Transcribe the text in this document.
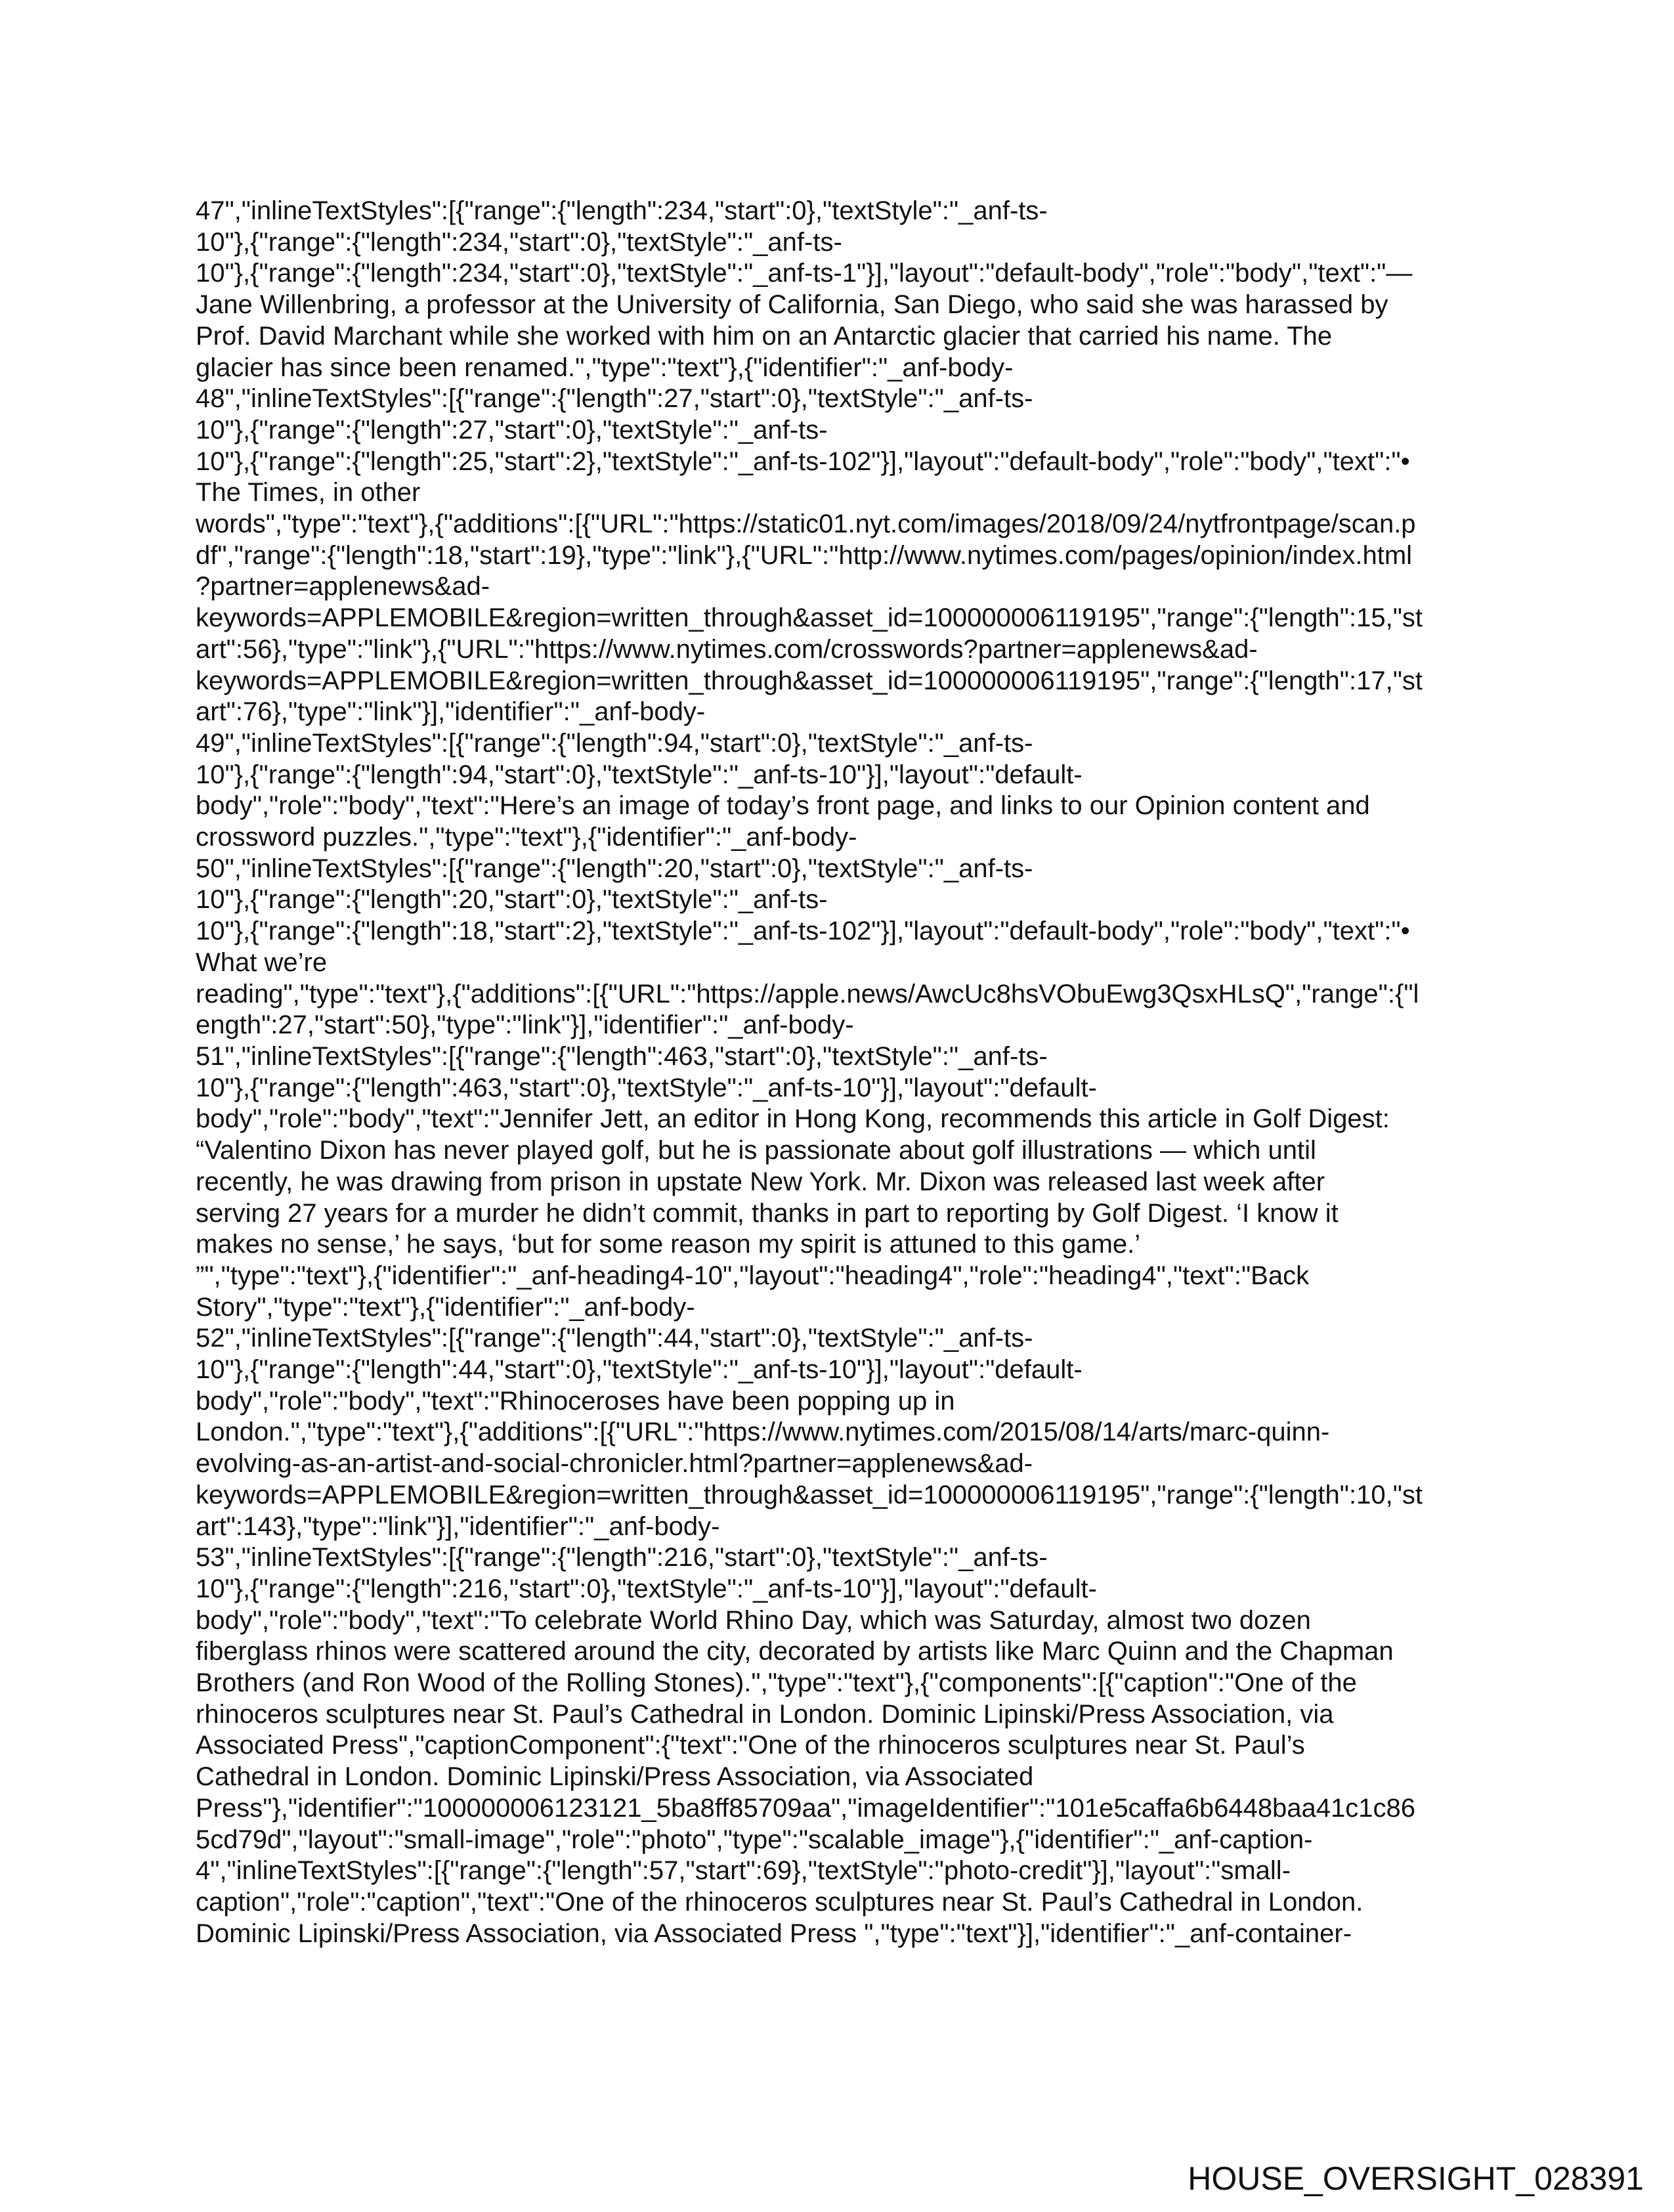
47","inlineTextStyles":[{"range":{"length":234,"start":0},"textStyle":"_anf-ts-
10"},{"range":{"length":234,"start":0},"textStyle":"_anf-ts-
10"},{"range":{"length":234,"start":0},"textStyle":"_anf-ts-1"}],"layout":"default-body","role":"body","text":"—
Jane Willenbring, a professor at the University of California, San Diego, who said she was harassed by
Prof. David Marchant while she worked with him on an Antarctic glacier that carried his name. The
glacier has since been renamed.","type":"text"},{"identifier":"_anf-body-
48","inlineTextStyles":[{"range":{"length":27,"start":0},"textStyle":"_anf-ts-
10"},{"range":{"length":27,"start":0},"textStyle":"_anf-ts-
10"},{"range":{"length":25,"start":2},"textStyle":"_anf-ts-102"}],"layout":"default-body","role":"body","text":"•
The Times, in other
words","type":"text"},{"additions":[{"URL":"https://static01.nyt.com/images/2018/09/24/nytfrontpage/scan.p
df","range":{"length":18,"start":19},"type":"link"},{"URL":"http://www.nytimes.com/pages/opinion/index.html
?partner=applenews&ad-
keywords=APPLEMOBILE&region=written_through&asset_id=100000006119195","range":{"length":15,"st
art":56},"type":"link"},{"URL":"https://www.nytimes.com/crosswords?partner=applenews&ad-
keywords=APPLEMOBILE&region=written_through&asset_id=100000006119195","range":{"length":17,"st
art":76},"type":"link"}],"identifier":"_anf-body-
49","inlineTextStyles":[{"range":{"length":94,"start":0},"textStyle":"_anf-ts-
10"},{"range":{"length":94,"start":0},"textStyle":"_anf-ts-10"}],"layout":"default-
body","role":"body","text":"Here’s an image of today’s front page, and links to our Opinion content and
crossword puzzles.","type":"text"},{"identifier":"_anf-body-
50","inlineTextStyles":[{"range":{"length":20,"start":0},"textStyle":"_anf-ts-
10"},{"range":{"length":20,"start":0},"textStyle":"_anf-ts-
10"},{"range":{"length":18,"start":2},"textStyle":"_anf-ts-102"}],"layout":"default-body","role":"body","text":"•
What we’re
reading","type":"text"},{"additions":[{"URL":"https://apple.news/AwcUc8hsVObuEwg3QsxHLsQ","range":{"l
ength":27,"start":50},"type":"link"}],"identifier":"_anf-body-
51","inlineTextStyles":[{"range":{"length":463,"start":0},"textStyle":"_anf-ts-
10"},{"range":{"length":463,"start":0},"textStyle":"_anf-ts-10"}],"layout":"default-
body","role":"body","text":"Jennifer Jett, an editor in Hong Kong, recommends this article in Golf Digest:
“Valentino Dixon has never played golf, but he is passionate about golf illustrations — which until
recently, he was drawing from prison in upstate New York. Mr. Dixon was released last week after
serving 27 years for a murder he didn’t commit, thanks in part to reporting by Golf Digest. ‘I know it
makes no sense,’ he says, ‘but for some reason my spirit is attuned to this game.’
”","type":"text"},{"identifier":"_anf-heading4-10","layout":"heading4","role":"heading4","text":"Back
Story","type":"text"},{"identifier":"_anf-body-
52","inlineTextStyles":[{"range":{"length":44,"start":0},"textStyle":"_anf-ts-
10"},{"range":{"length":44,"start":0},"textStyle":"_anf-ts-10"}],"layout":"default-
body","role":"body","text":"Rhinoceroses have been popping up in
London.","type":"text"},{"additions":[{"URL":"https://www.nytimes.com/2015/08/14/arts/marc-quinn-
evolving-as-an-artist-and-social-chronicler.html?partner=applenews&ad-
keywords=APPLEMOBILE&region=written_through&asset_id=100000006119195","range":{"length":10,"st
art":143},"type":"link"}],"identifier":"_anf-body-
53","inlineTextStyles":[{"range":{"length":216,"start":0},"textStyle":"_anf-ts-
10"},{"range":{"length":216,"start":0},"textStyle":"_anf-ts-10"}],"layout":"default-
body","role":"body","text":"To celebrate World Rhino Day, which was Saturday, almost two dozen
fiberglass rhinos were scattered around the city, decorated by artists like Marc Quinn and the Chapman
Brothers (and Ron Wood of the Rolling Stones).","type":"text"},{"components":[{"caption":"One of the
rhinoceros sculptures near St. Paul’s Cathedral in London. Dominic Lipinski/Press Association, via
Associated Press","captionComponent":{"text":"One of the rhinoceros sculptures near St. Paul’s
Cathedral in London. Dominic Lipinski/Press Association, via Associated
Press"},"identifier":"100000006123121_5ba8ff85709aa","imageIdentifier":"101e5caffa6b6448baa41c1c86
5cd79d","layout":"small-image","role":"photo","type":"scalable_image"},{"identifier":"_anf-caption-
4","inlineTextStyles":[{"range":{"length":57,"start":69},"textStyle":"photo-credit"}],"layout":"small-
caption","role":"caption","text":"One of the rhinoceros sculptures near St. Paul’s Cathedral in London.
Dominic Lipinski/Press Association, via Associated Press ","type":"text"}],"identifier":"_anf-container-
HOUSE_OVERSIGHT_028391
